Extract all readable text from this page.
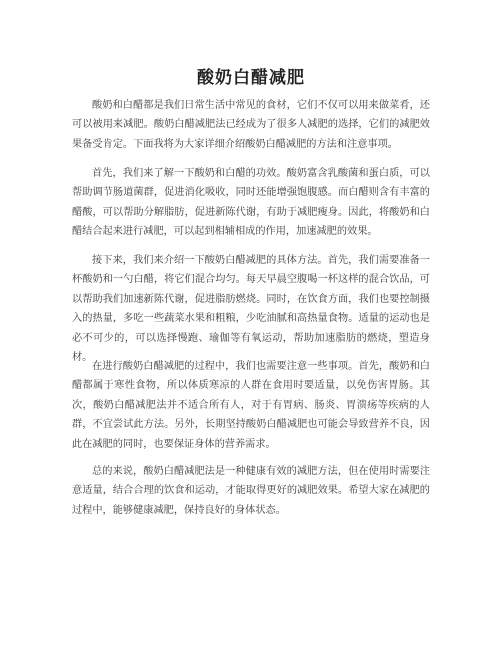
酸奶白醋减肥

酸奶和白醋都是我们日常生活中常见的食材，它们不仅可以用来做菜肴，还可以被用来减肥。酸奶白醋减肥法已经成为了很多人减肥的选择，它们的减肥效果备受肯定。下面我将为大家详细介绍酸奶白醋减肥的方法和注意事项。

首先，我们来了解一下酸奶和白醋的功效。酸奶富含乳酸菌和蛋白质，可以帮助调节肠道菌群，促进消化吸收，同时还能增强饱腹感。而白醋则含有丰富的醋酸，可以帮助分解脂肪，促进新陈代谢，有助于减肥瘦身。因此，将酸奶和白醋结合起来进行减肥，可以起到相辅相成的作用，加速减肥的效果。

接下来，我们来介绍一下酸奶白醋减肥的具体方法。首先，我们需要准备一杯酸奶和一勺白醋，将它们混合均匀。每天早晨空腹喝一杯这样的混合饮品，可以帮助我们加速新陈代谢，促进脂肪燃烧。同时，在饮食方面，我们也要控制摄入的热量，多吃一些蔬菜水果和粗粮，少吃油腻和高热量食物。适量的运动也是必不可少的，可以选择慢跑、瑜伽等有氧运动，帮助加速脂肪的燃烧，塑造身材。

在进行酸奶白醋减肥的过程中，我们也需要注意一些事项。首先，酸奶和白醋都属于寒性食物，所以体质寒凉的人群在食用时要适量，以免伤害胃肠。其次，酸奶白醋减肥法并不适合所有人，对于有胃病、肠炎、胃溃疡等疾病的人群，不宜尝试此方法。另外，长期坚持酸奶白醋减肥也可能会导致营养不良，因此在减肥的同时，也要保证身体的营养需求。

总的来说，酸奶白醋减肥法是一种健康有效的减肥方法，但在使用时需要注意适量，结合合理的饮食和运动，才能取得更好的减肥效果。希望大家在减肥的过程中，能够健康减肥，保持良好的身体状态。
